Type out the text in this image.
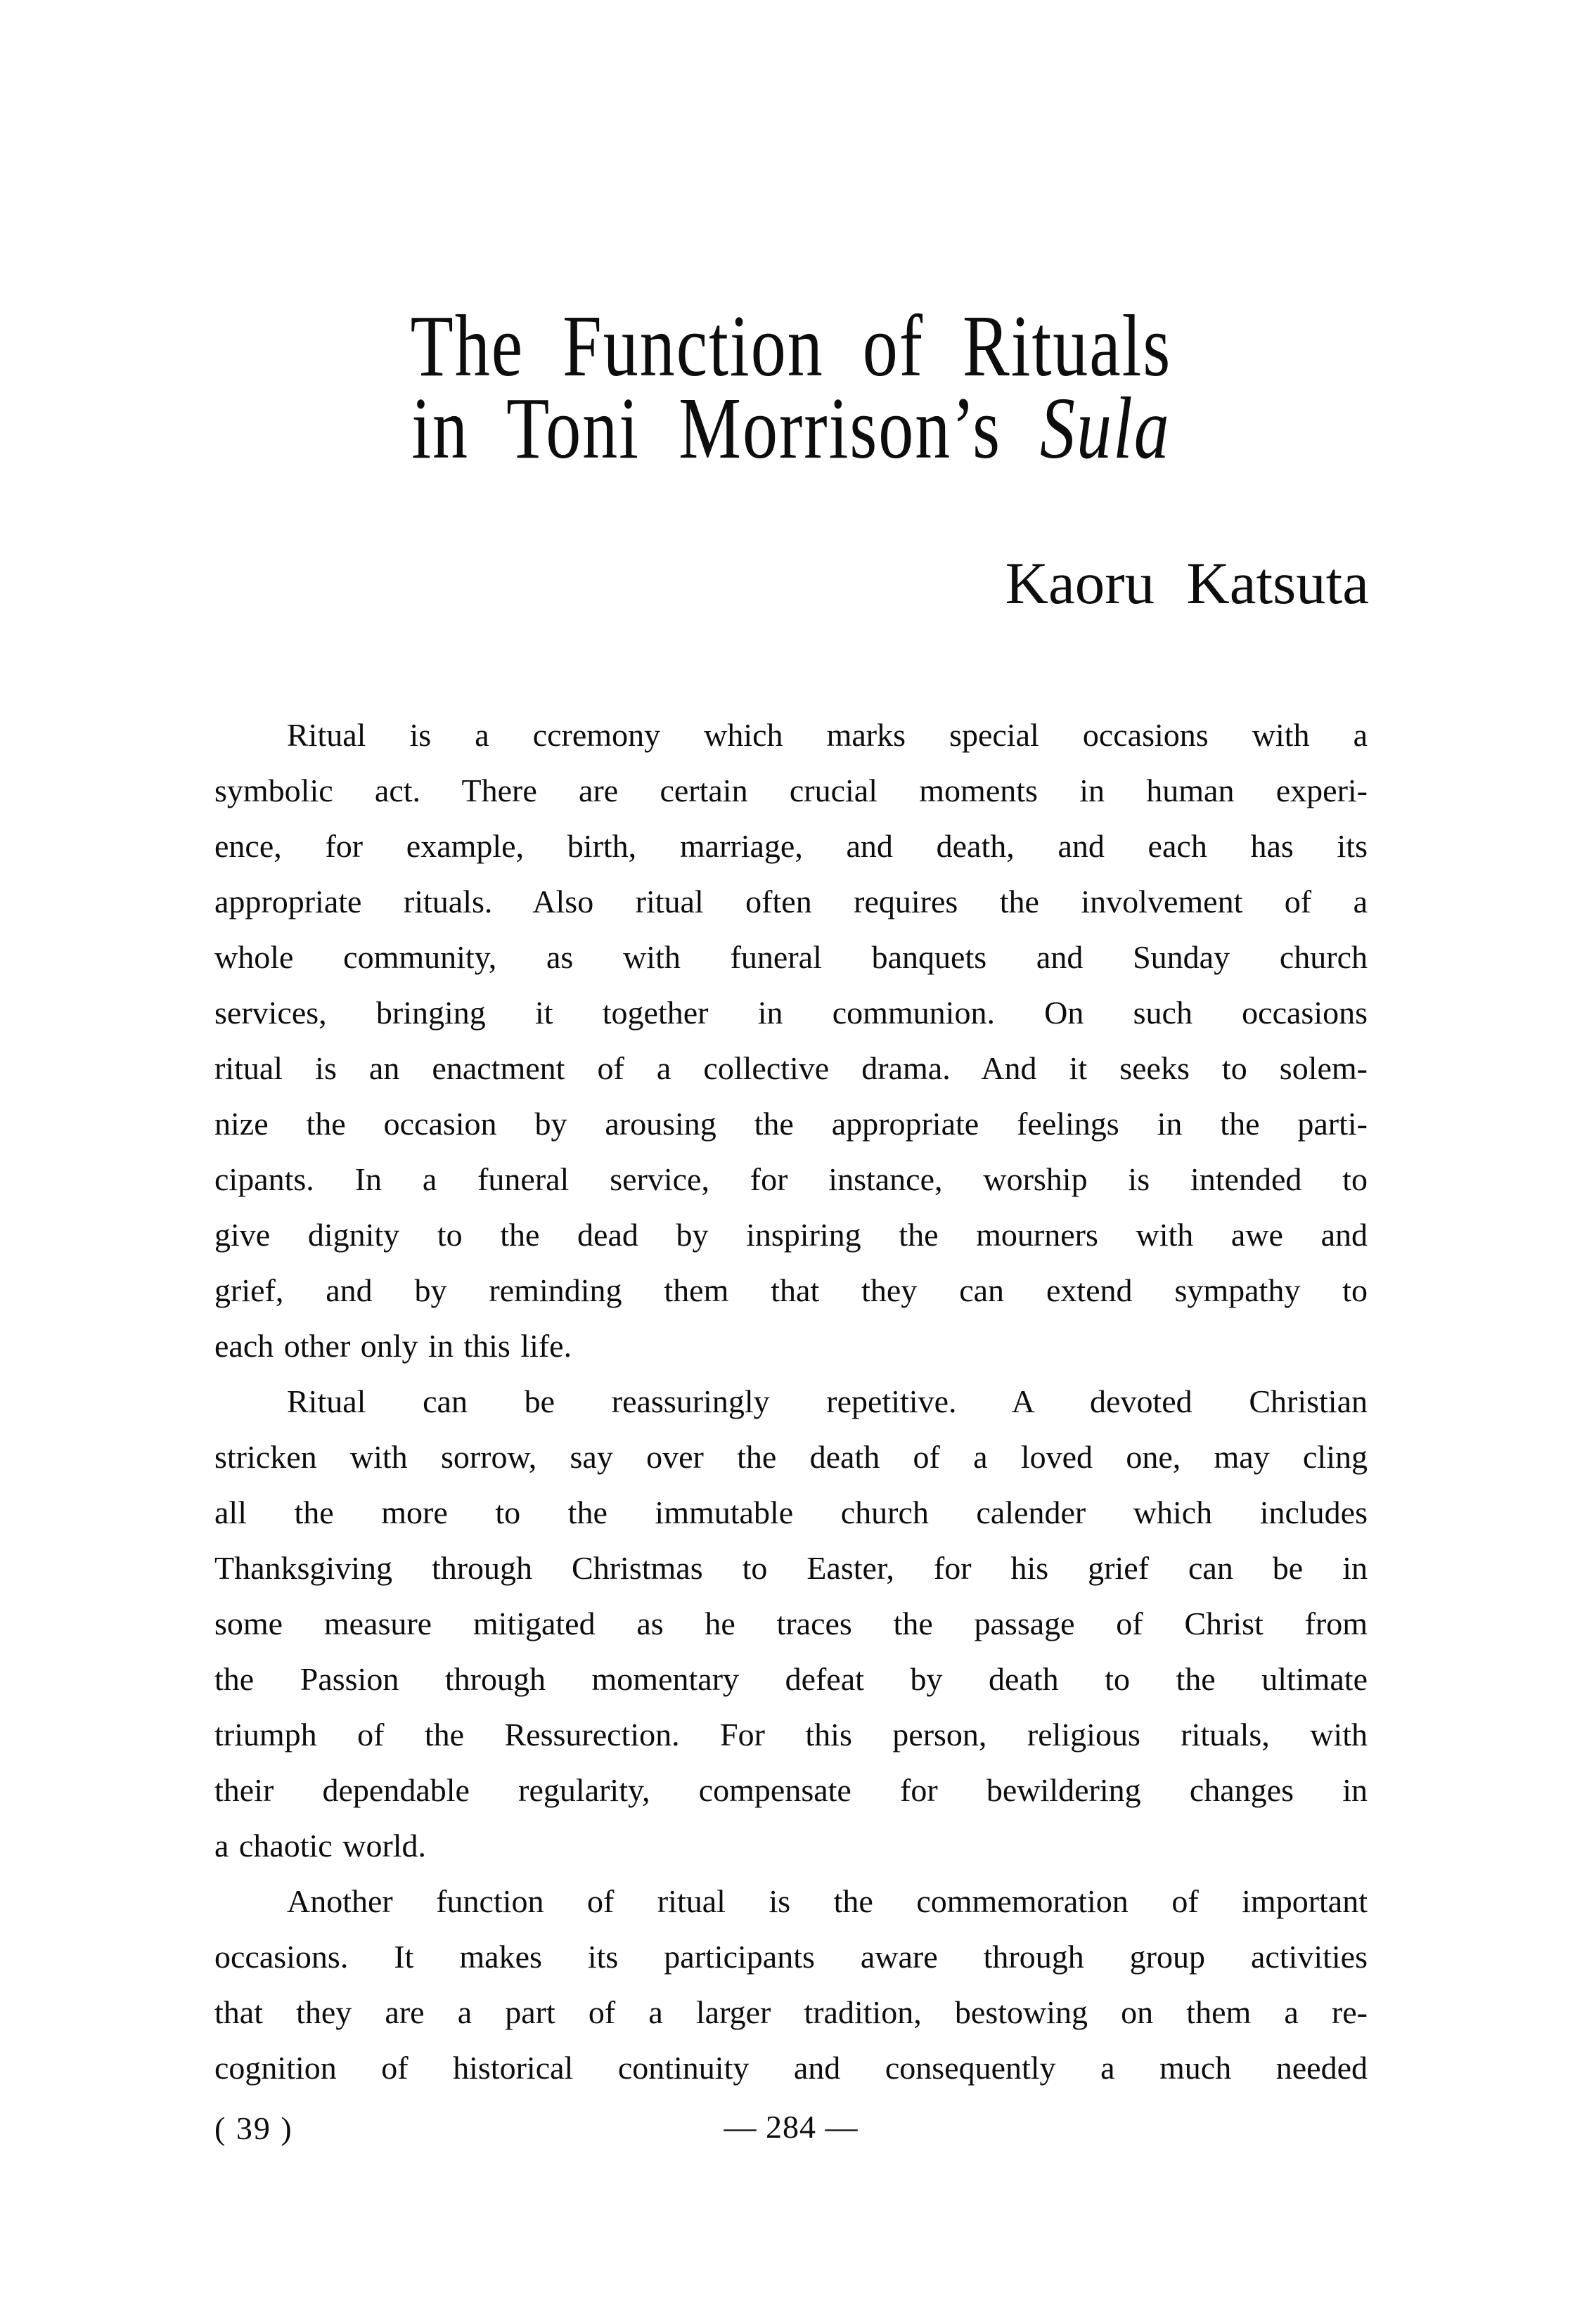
The Function of Rituals
in Toni Morrison’s Sula
Kaoru Katsuta

Ritual is a ccremony which marks special occasions with a

symbolic act. There are certain crucial moments in human experi-

ence, for example, birth, marriage, and death, and each has its

appropriate rituals. Also ritual often requires the involvement of a

whole community, as with funeral banquets and Sunday church

services, bringing it together in communion. On such occasions

ritual is an enactment of a collective drama. And it seeks to solem-

nize the occasion by arousing the appropriate feelings in the parti-

cipants. In a funeral service, for instance, worship is intended to

give dignity to the dead by inspiring the mourners with awe and

grief, and by reminding them that they can extend sympathy to

each other only in this life.

Ritual can be reassuringly repetitive. A devoted Christian

stricken with sorrow, say over the death of a loved one, may cling

all the more to the immutable church calender which includes

Thanksgiving through Christmas to Easter, for his grief can be in

some measure mitigated as he traces the passage of Christ from

the Passion through momentary defeat by death to the ultimate

triumph of the Ressurection. For this person, religious rituals, with

their dependable regularity, compensate for bewildering changes in

a chaotic world.

Another function of ritual is the commemoration of important

occasions. It makes its participants aware through group activities

that they are a part of a larger tradition, bestowing on them a re-

cognition of historical continuity and consequently a much needed

— 284 —
( 39 )
